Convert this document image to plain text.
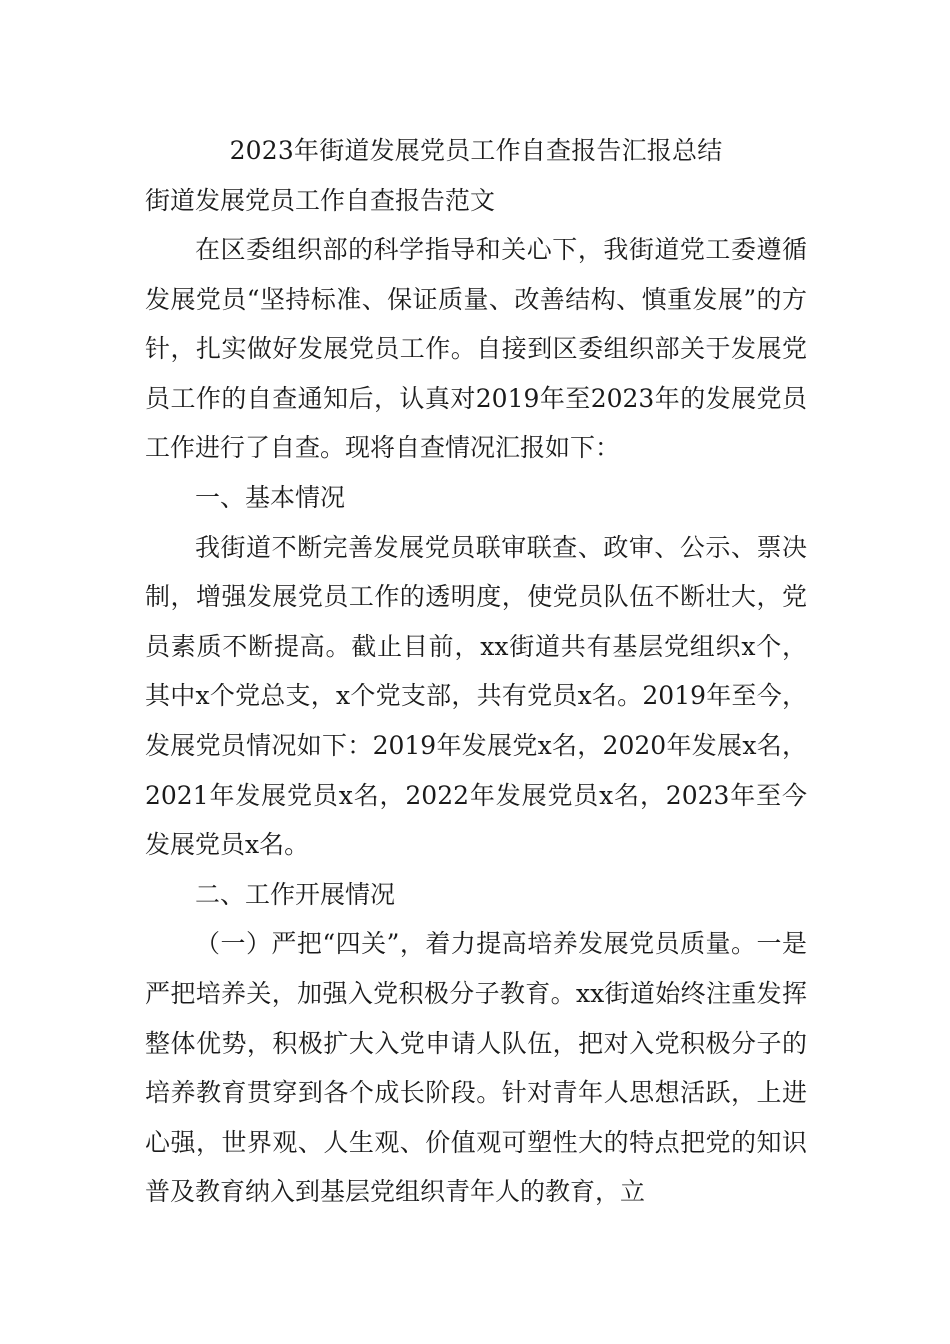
2023年街道发展党员工作自查报告汇报总结
街道发展党员工作自查报告范文

在区委组织部的科学指导和关心下，我街道党工委遵循发展党员“坚持标准、保证质量、改善结构、慎重发展”的方针，扎实做好发展党员工作。自接到区委组织部关于发展党员工作的自查通知后，认真对2019年至2023年的发展党员工作进行了自查。现将自查情况汇报如下：

一、基本情况

我街道不断完善发展党员联审联查、政审、公示、票决制，增强发展党员工作的透明度，使党员队伍不断壮大，党员素质不断提高。截止目前，xx街道共有基层党组织x个，其中x个党总支，x个党支部，共有党员x名。2019年至今，发展党员情况如下：2019年发展党x名，2020年发展x名，2021年发展党员x名，2022年发展党员x名，2023年至今发展党员x名。

二、工作开展情况

（一）严把“四关”，着力提高培养发展党员质量。一是严把培养关，加强入党积极分子教育。xx街道始终注重发挥整体优势，积极扩大入党申请人队伍，把对入党积极分子的培养教育贯穿到各个成长阶段。针对青年人思想活跃，上进心强，世界观、人生观、价值观可塑性大的特点把党的知识普及教育纳入到基层党组织青年人的教育，立
